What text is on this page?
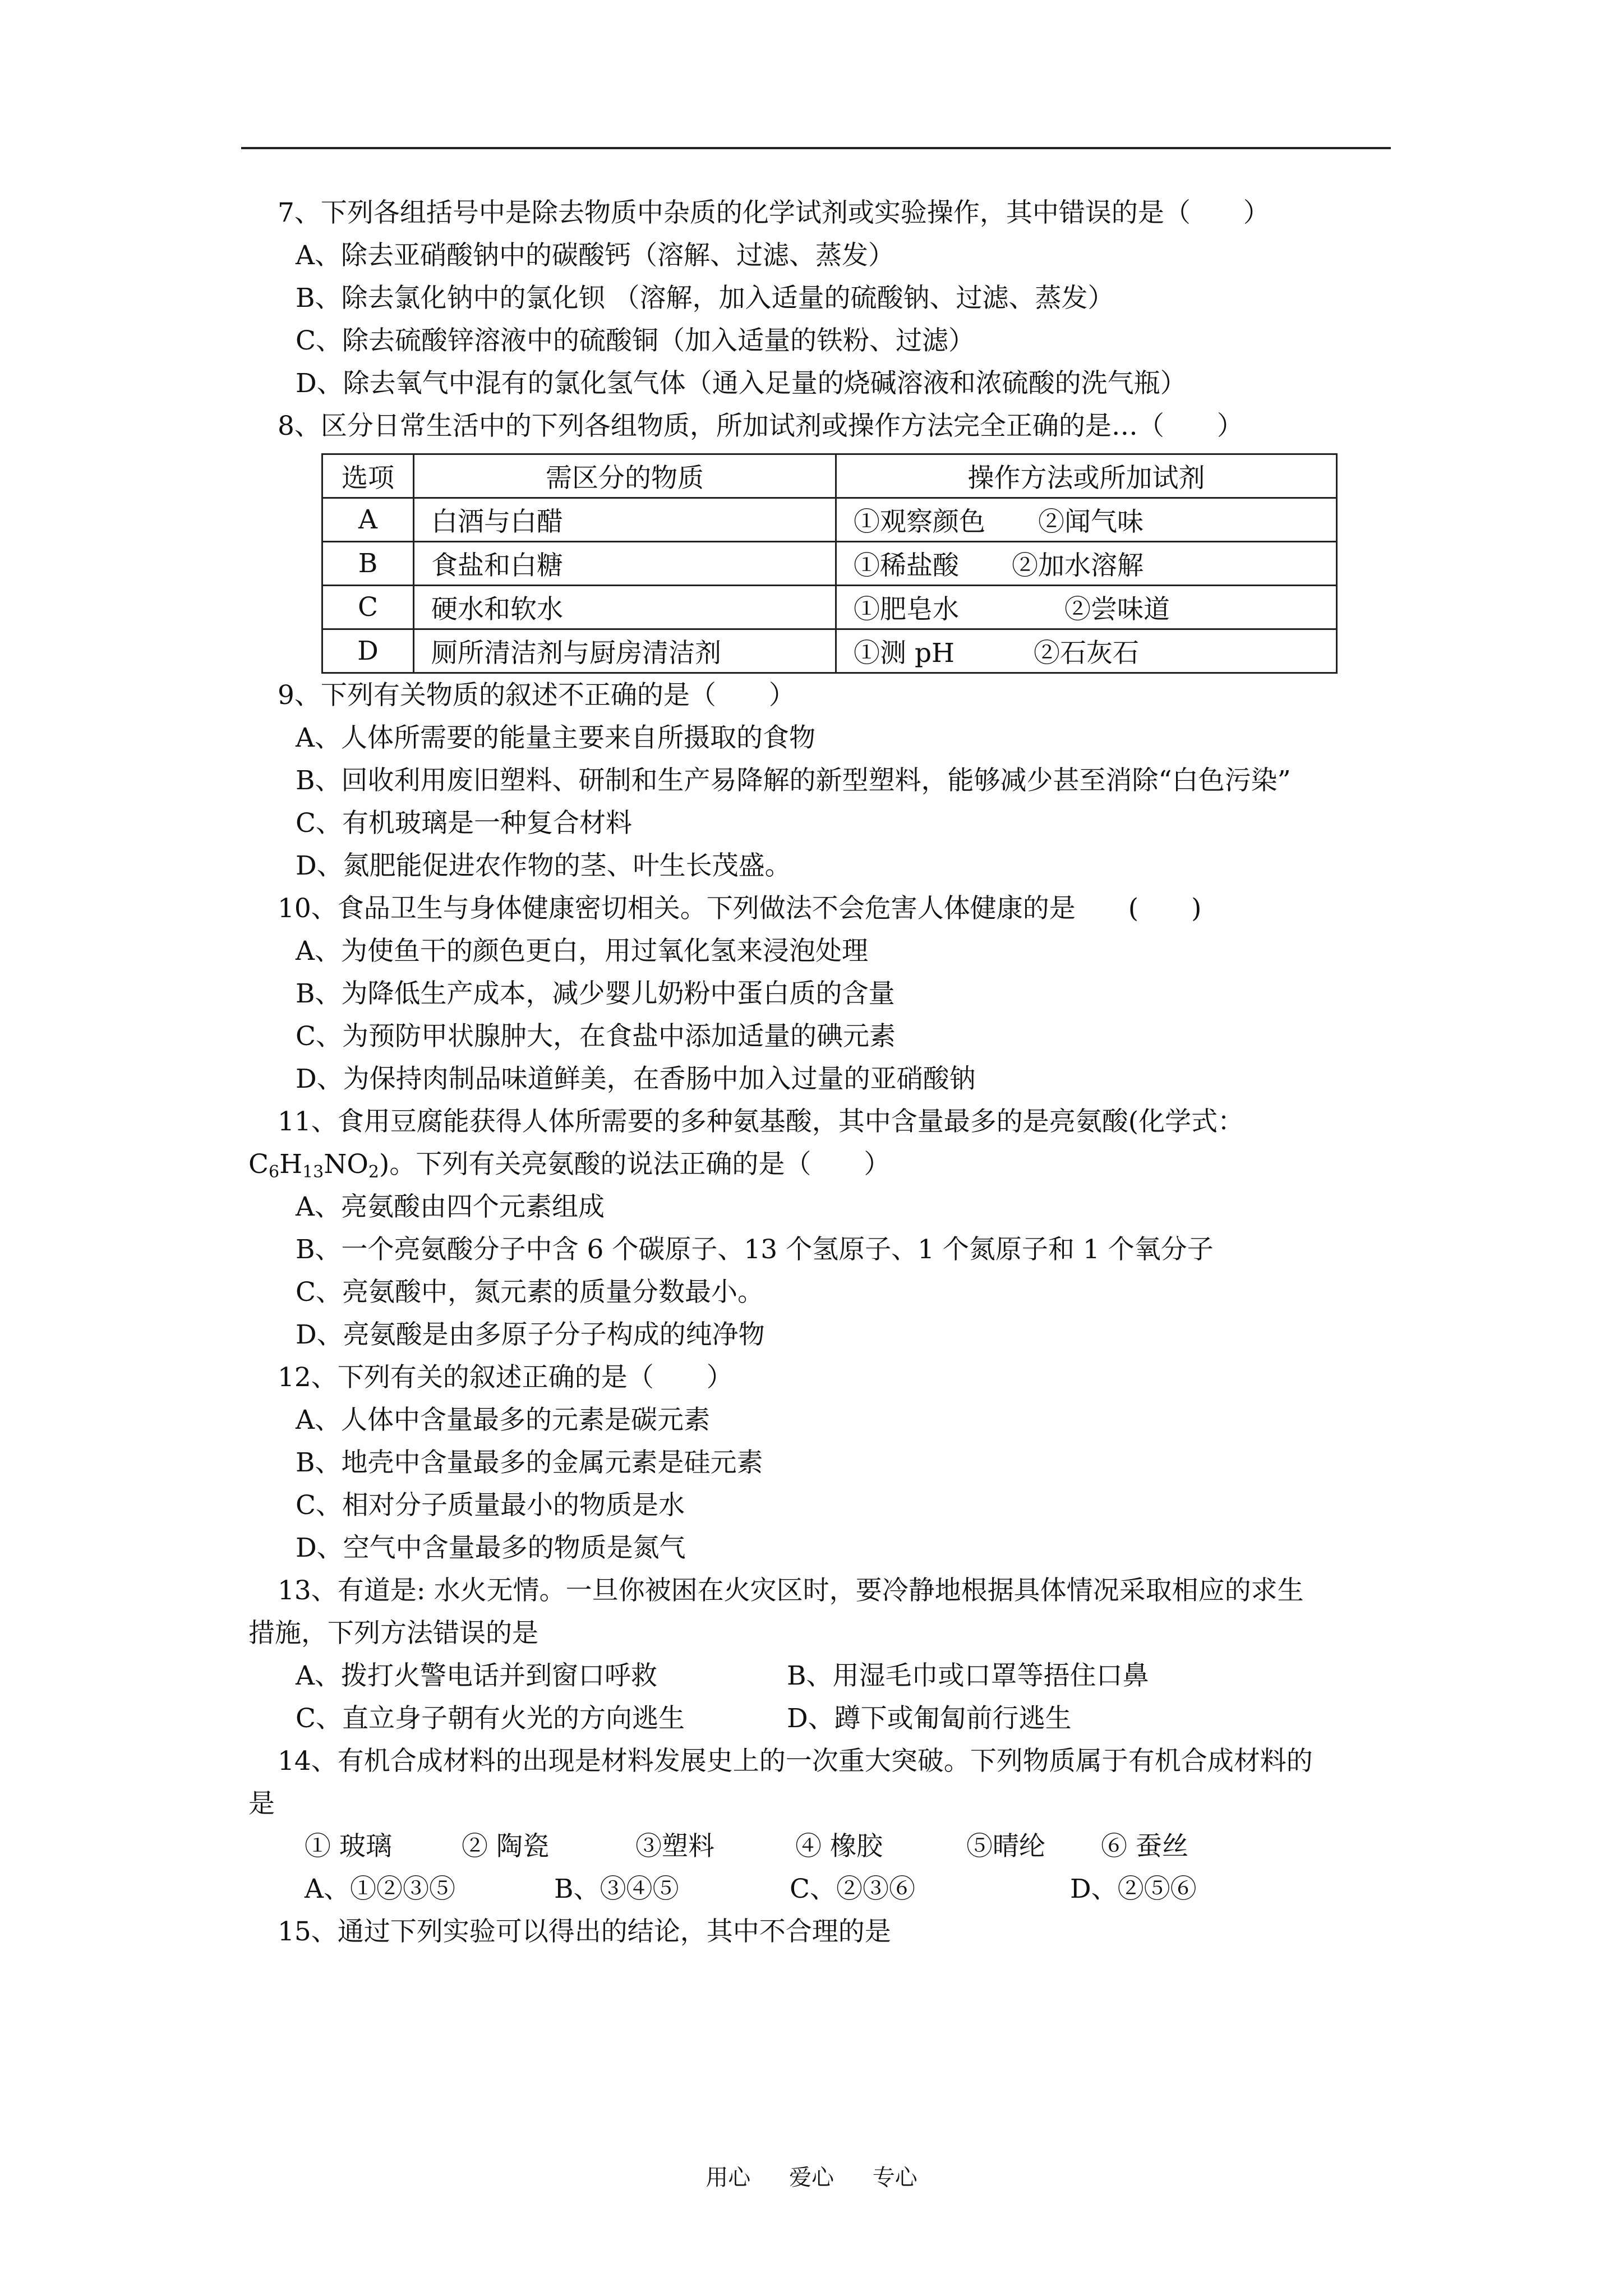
7、下列各组括号中是除去物质中杂质的化学试剂或实验操作，其中错误的是（　　）
A、除去亚硝酸钠中的碳酸钙（溶解、过滤、蒸发）
B、除去氯化钠中的氯化钡 （溶解，加入适量的硫酸钠、过滤、蒸发）
C、除去硫酸锌溶液中的硫酸铜（加入适量的铁粉、过滤）
D、除去氧气中混有的氯化氢气体（通入足量的烧碱溶液和浓硫酸的洗气瓶）
8、区分日常生活中的下列各组物质，所加试剂或操作方法完全正确的是…（　　）
选项	需区分的物质	操作方法或所加试剂
A	白酒与白醋	①观察颜色　　②闻气味
B	食盐和白糖	①稀盐酸　　②加水溶解
C	硬水和软水	①肥皂水　　　　②尝味道
D	厕所清洁剂与厨房清洁剂	①测 pH　　　②石灰石
9、下列有关物质的叙述不正确的是（　　）
A、人体所需要的能量主要来自所摄取的食物
B、回收利用废旧塑料、研制和生产易降解的新型塑料，能够减少甚至消除“白色污染”
C、有机玻璃是一种复合材料
D、氮肥能促进农作物的茎、叶生长茂盛。
10、食品卫生与身体健康密切相关。下列做法不会危害人体健康的是　　(　　)
A、为使鱼干的颜色更白，用过氧化氢来浸泡处理
B、为降低生产成本，减少婴儿奶粉中蛋白质的含量
C、为预防甲状腺肿大，在食盐中添加适量的碘元素
D、为保持肉制品味道鲜美，在香肠中加入过量的亚硝酸钠
11、食用豆腐能获得人体所需要的多种氨基酸，其中含量最多的是亮氨酸(化学式：
$C_6H_{13}NO_2$)。下列有关亮氨酸的说法正确的是（　　）
A、亮氨酸由四个元素组成
B、一个亮氨酸分子中含 6 个碳原子、13 个氢原子、1 个氮原子和 1 个氧分子
C、亮氨酸中，氮元素的质量分数最小。
D、亮氨酸是由多原子分子构成的纯净物
12、下列有关的叙述正确的是（　　）
A、人体中含量最多的元素是碳元素
B、地壳中含量最多的金属元素是硅元素
C、相对分子质量最小的物质是水
D、空气中含量最多的物质是氮气
13、有道是: 水火无情。一旦你被困在火灾区时，要冷静地根据具体情况采取相应的求生
措施，下列方法错误的是
A、拨打火警电话并到窗口呼救	B、用湿毛巾或口罩等捂住口鼻
C、直立身子朝有火光的方向逃生	D、蹲下或匍匐前行逃生
14、有机合成材料的出现是材料发展史上的一次重大突破。下列物质属于有机合成材料的
是
① 玻璃	② 陶瓷	③塑料	④ 橡胶	⑤晴纶 ⑥ 蚕丝
A、①②③⑤	B、③④⑤	C、②③⑥	D、②⑤⑥
15、通过下列实验可以得出的结论，其中不合理的是
用心 爱心 专心
